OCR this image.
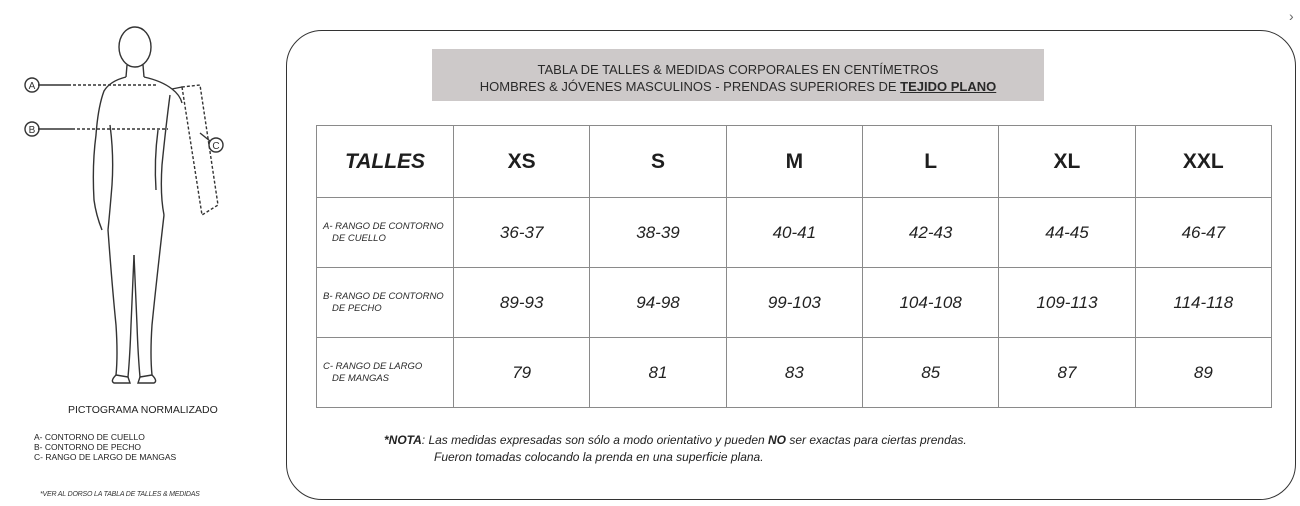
A
B
C
PICTOGRAMA NORMALIZADO
A- CONTORNO DE CUELLO
B- CONTORNO DE PECHO
C- RANGO DE LARGO DE MANGAS
*VER AL DORSO LA TABLA DE TALLES & MEDIDAS
TABLA DE TALLES & MEDIDAS CORPORALES EN CENTÍMETROS
HOMBRES & JÓVENES MASCULINOS - PRENDAS SUPERIORES DE TEJIDO PLANO
TALLES	XS	S	M	L	XL	XXL

A- RANGO DE CONTORNO
DE CUELLO	36-37	38-39	40-41	42-43	44-45	46-47

B- RANGO DE CONTORNO
DE PECHO	89-93	94-98	99-103	104-108	109-113	114-118

C- RANGO DE LARGO
DE MANGAS	79	81	83	85	87	89
*NOTA: Las medidas expresadas son sólo a modo orientativo y pueden NO ser exactas para ciertas prendas.
Fueron tomadas colocando la prenda en una superficie plana.
›
